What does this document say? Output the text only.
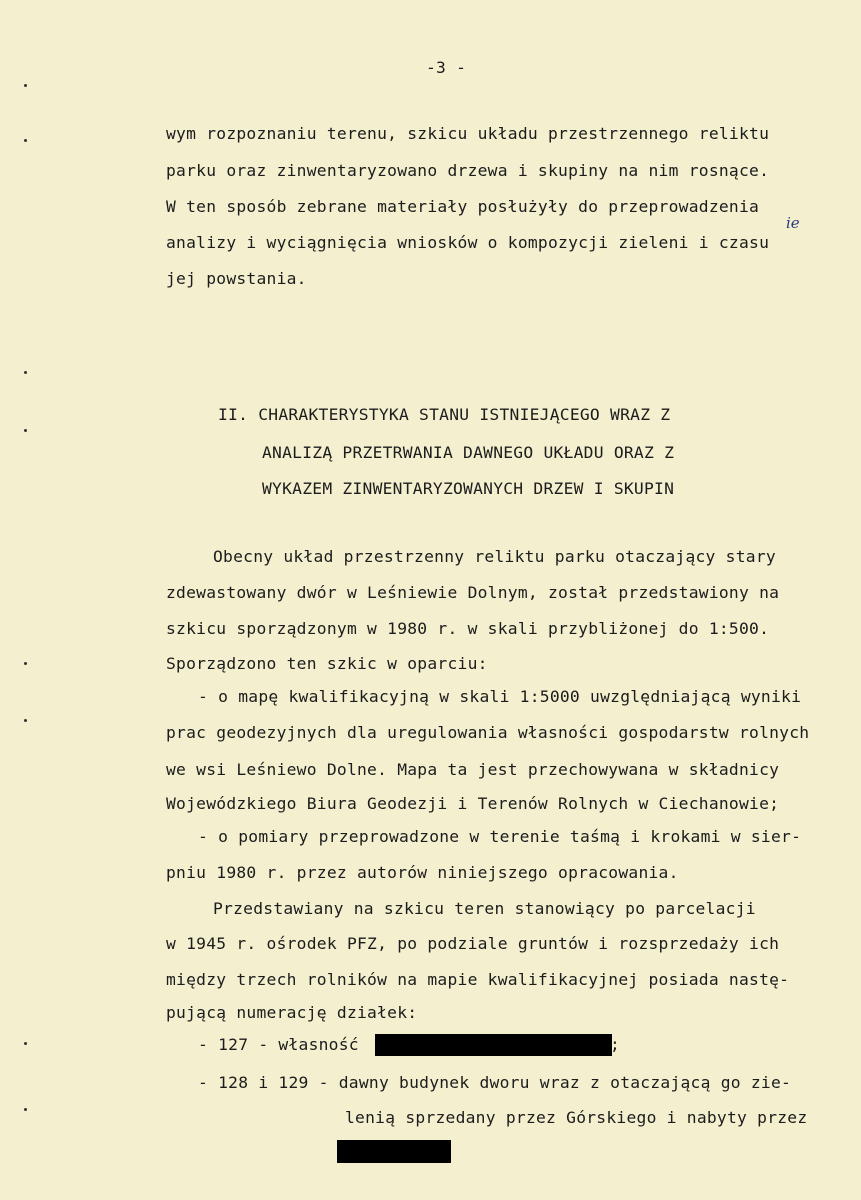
-3 -
wym rozpoznaniu terenu, szkicu układu przestrzennego reliktu
parku oraz zinwentaryzowano drzewa i skupiny na nim rosnące.
W ten sposób zebrane materiały posłużyły do przeprowadzenia
analizy i wyciągnięcia wniosków o kompozycji zieleni i czasu
ie
jej powstania.
II. CHARAKTERYSTYKA STANU ISTNIEJĄCEGO WRAZ Z
ANALIZĄ PRZETRWANIA DAWNEGO UKŁADU ORAZ Z
WYKAZEM ZINWENTARYZOWANYCH DRZEW I SKUPIN
Obecny układ przestrzenny reliktu parku otaczający stary
zdewastowany dwór w Leśniewie Dolnym, został przedstawiony na
szkicu sporządzonym w 1980 r. w skali przybliżonej do 1:500.
Sporządzono ten szkic w oparciu:
- o mapę kwalifikacyjną w skali 1:5000 uwzględniającą wyniki
prac geodezyjnych dla uregulowania własności gospodarstw rolnych
we wsi Leśniewo Dolne. Mapa ta jest przechowywana w składnicy
Wojewódzkiego Biura Geodezji i Terenów Rolnych w Ciechanowie;
- o pomiary przeprowadzone w terenie taśmą i krokami w sier-
pniu 1980 r. przez autorów niniejszego opracowania.
Przedstawiany na szkicu teren stanowiący po parcelacji
w 1945 r. ośrodek PFZ, po podziale gruntów i rozsprzedaży ich
między trzech rolników na mapie kwalifikacyjnej posiada nastę-
pującą numerację działek:
- 127 - własność	;
- 128 i 129 - dawny budynek dworu wraz z otaczającą go zie-
lenią sprzedany przez Górskiego i nabyty przez
